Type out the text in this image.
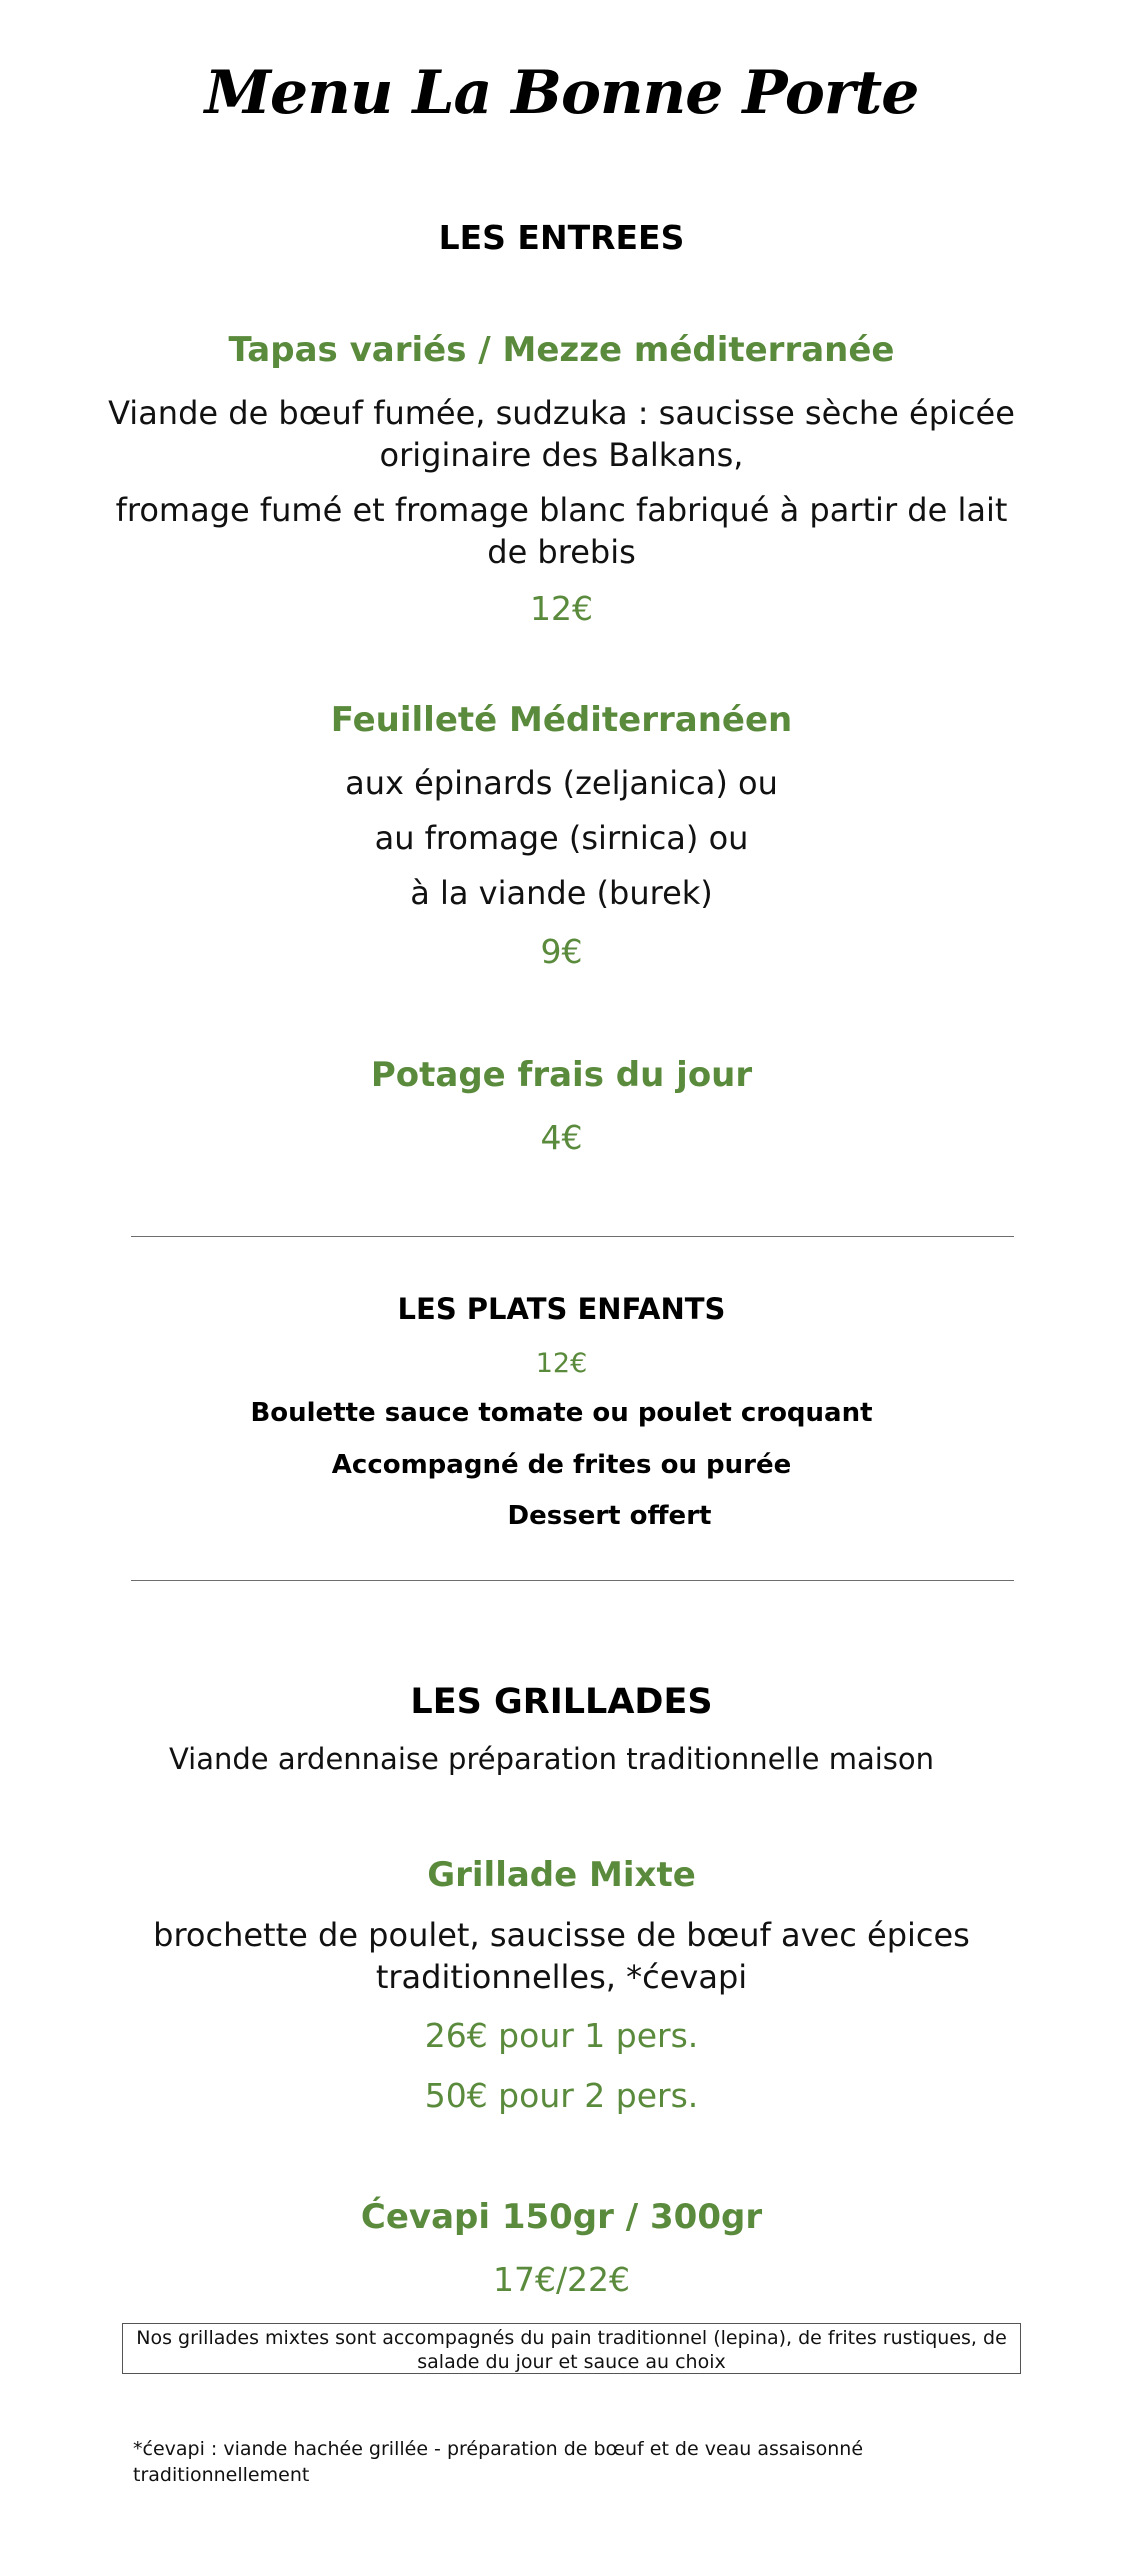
Menu La Bonne Porte
LES ENTREES
Tapas variés / Mezze méditerranée
Viande de bœuf fumée, sudzuka : saucisse sèche épicée
originaire des Balkans,
fromage fumé et fromage blanc fabriqué à partir de lait
de brebis
12€
Feuilleté Méditerranéen
aux épinards (zeljanica) ou
au fromage (sirnica) ou
à la viande (burek)
9€
Potage frais du jour
4€
LES PLATS ENFANTS
12€
Boulette sauce tomate ou poulet croquant
Accompagné de frites ou purée
Dessert offert
LES GRILLADES
Viande ardennaise préparation traditionnelle maison
Grillade Mixte
brochette de poulet, saucisse de bœuf avec épices
traditionnelles, *ćevapi
26€ pour 1 pers.
50€ pour 2 pers.
Ćevapi 150gr / 300gr
17€/22€
Nos grillades mixtes sont accompagnés du pain traditionnel (lepina), de frites rustiques, de salade du jour et sauce au choix
*ćevapi : viande hachée grillée - préparation de bœuf et de veau assaisonné traditionnellement
